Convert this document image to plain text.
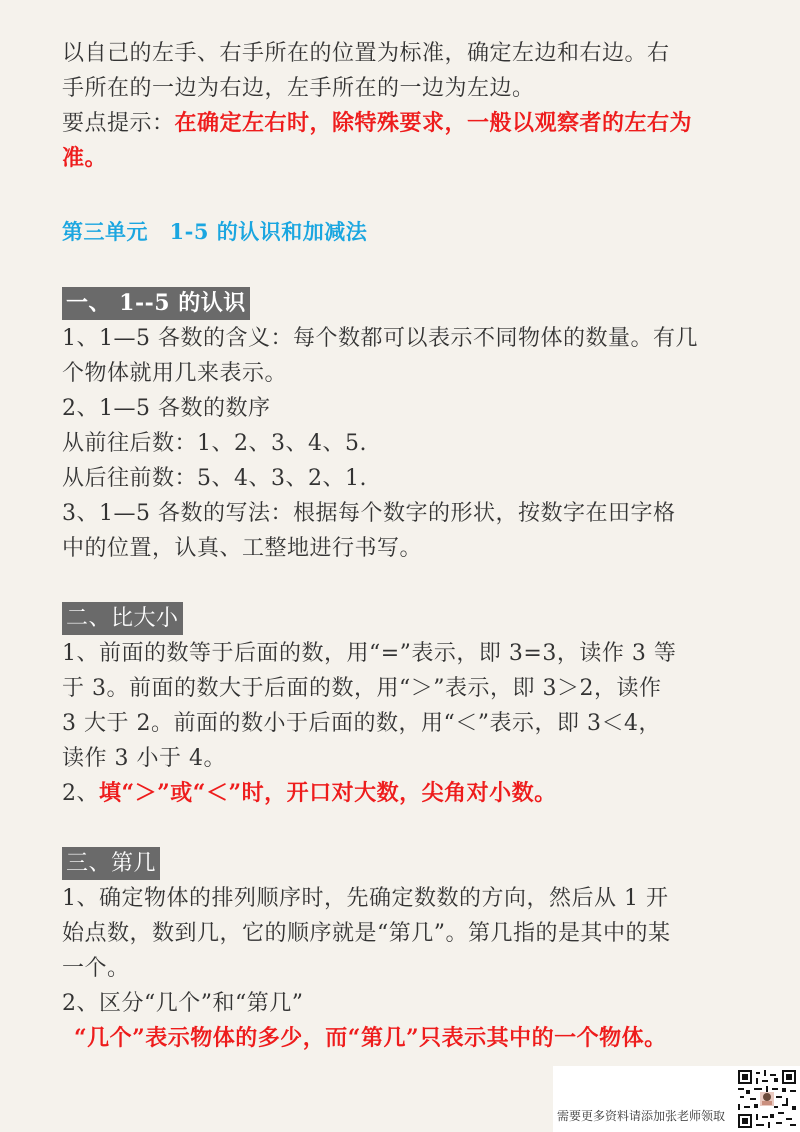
以自己的左手、右手所在的位置为标准，确定左边和右边。右
手所在的一边为右边，左手所在的一边为左边。
要点提示：在确定左右时，除特殊要求，一般以观察者的左右为
准。
第三单元　1-5 的认识和加减法
一、 1--5 的认识
1、1—5 各数的含义：每个数都可以表示不同物体的数量。有几
个物体就用几来表示。
2、1—5 各数的数序
从前往后数：1、2、3、4、5.
从后往前数：5、4、3、2、1.
3、1—5 各数的写法：根据每个数字的形状，按数字在田字格
中的位置，认真、工整地进行书写。
二、比大小
1、前面的数等于后面的数，用“=”表示，即 3=3，读作 3 等
于 3。前面的数大于后面的数，用“＞”表示，即 3＞2，读作
3 大于 2。前面的数小于后面的数，用“＜”表示，即 3＜4，
读作 3 小于 4。
2、填“＞”或“＜”时，开口对大数，尖角对小数。
三、第几
1、确定物体的排列顺序时，先确定数数的方向，然后从 1 开
始点数，数到几，它的顺序就是“第几”。第几指的是其中的某
一个。
2、区分“几个”和“第几”
“几个”表示物体的多少，而“第几”只表示其中的一个物体。
需要更多资料请添加张老师领取
